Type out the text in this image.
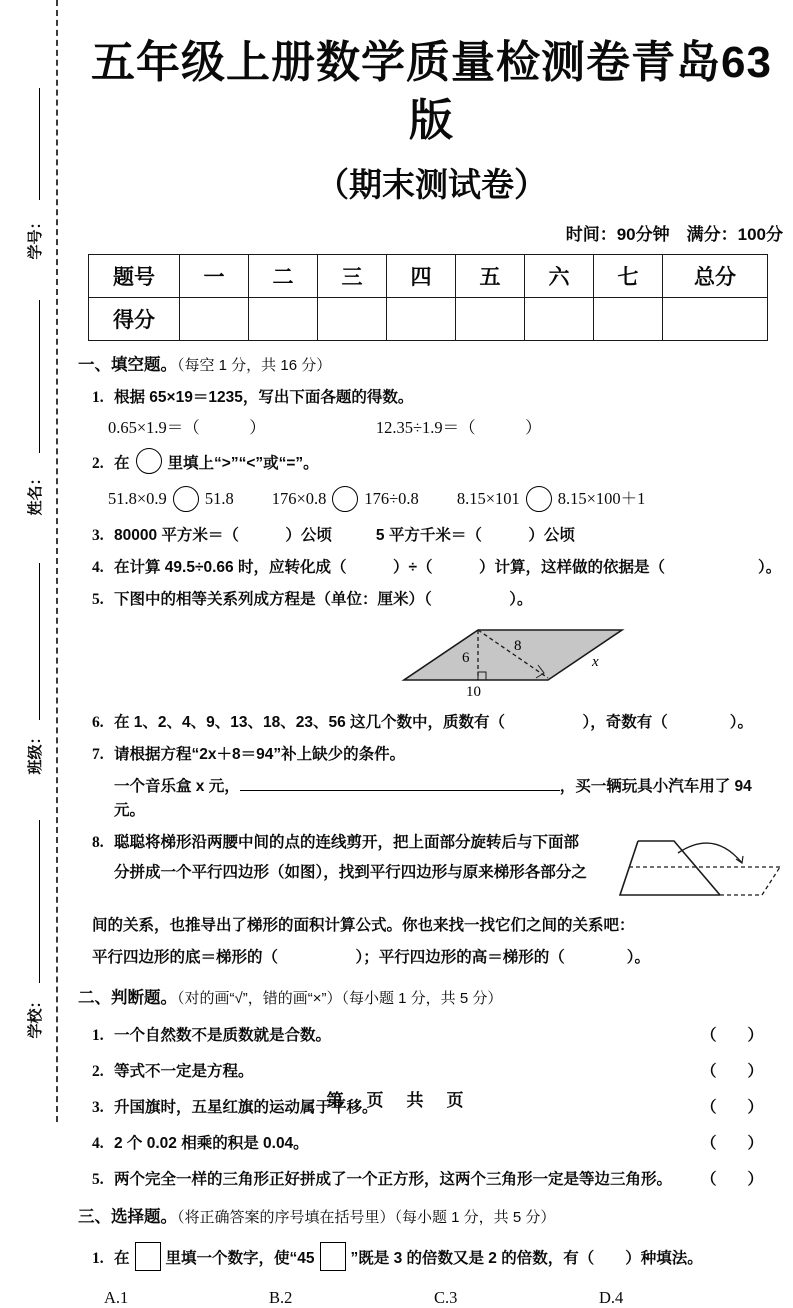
学号：
姓名：
班级：
学校：
五年级上册数学质量检测卷青岛63版
（期末测试卷）
时间：90分钟　满分：100分
题号	一	二	三	四	五	六	七	总分
得分								
一、填空题。（每空 1 分，共 16 分）
1. 根据 65×19＝1235，写出下面各题的得数。
0.65×1.9＝（　　　）	12.35÷1.9＝（　　　）
2. 在 里填上“>”“<”或“=”。
51.8×0.9 51.8 176×0.8 176÷0.8 8.15×101 8.15×100＋1
3. 80000 平方米＝（　　　）公顷	5 平方千米＝（　　　）公顷
4. 在计算 49.5÷0.66 时，应转化成（　　　）÷（　　　）计算，这样做的依据是（　　　　　　）。
5. 下图中的相等关系列成方程是（单位：厘米）（　　　　　）。
6
8
x
10
6. 在 1、2、4、9、13、18、23、56 这几个数中，质数有（　　　　　），奇数有（　　　　）。
7. 请根据方程“2x＋8＝94”补上缺少的条件。
一个音乐盒 x 元，	，买一辆玩具小汽车用了 94 元。
8. 聪聪将梯形沿两腰中间的点的连线剪开，把上面部分旋转后与下面部
分拼成一个平行四边形（如图），找到平行四边形与原来梯形各部分之
间的关系，也推导出了梯形的面积计算公式。你也来找一找它们之间的关系吧：
平行四边形的底＝梯形的（　　　　　）；平行四边形的高＝梯形的（　　　　）。
二、判断题。（对的画“√”，错的画“×”）（每小题 1 分，共 5 分）
1. 一个自然数不是质数就是合数。	（　　）
2. 等式不一定是方程。	（　　）
3. 升国旗时，五星红旗的运动属于平移。	（　　）
4. 2 个 0.02 相乘的积是 0.04。	（　　）
5. 两个完全一样的三角形正好拼成了一个正方形，这两个三角形一定是等边三角形。 （　　）
三、选择题。（将正确答案的序号填在括号里）（每小题 1 分，共 5 分）
1. 在 里填一个数字，使“45 ”既是 3 的倍数又是 2 的倍数，有（　　）种填法。
A.1	B.2	C.3	D.4
第　页　共　页
